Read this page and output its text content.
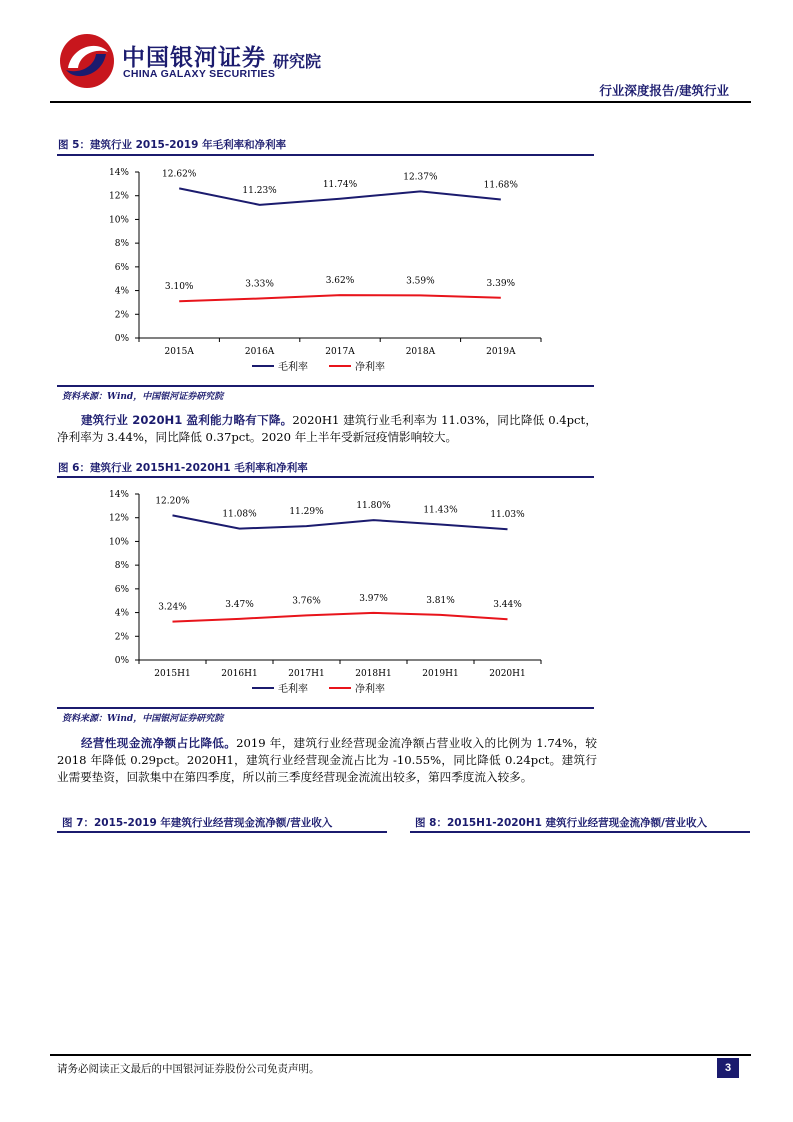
中国银河证券
CHINA GALAXY SECURITIES
研究院
行业深度报告/建筑行业
图 5：建筑行业 2015-2019 年毛利率和净利率
0%
2%
4%
6%
8%
10%
12%
14%
2015A	2016A	2017A	2018A	2019A
12.62%
11.23%
11.74%
12.37%
11.68%
3.10%	3.33%	3.62%	3.59%	3.39%
毛利率	净利率
资料来源：Wind，中国银河证券研究院
建筑行业 2020H1 盈利能力略有下降。2020H1 建筑行业毛利率为 11.03%，同比降低 0.4pct，净利率为 3.44%，同比降低 0.37pct。2020 年上半年受新冠疫情影响较大。
图 6：建筑行业 2015H1-2020H1 毛利率和净利率
0%
2%
4%
6%
8%
10%
12%
14%
2015H1	2016H1	2017H1	2018H1	2019H1	2020H1
12.20%
11.08%	11.29%
11.80%	11.43%	11.03%
3.24%	3.47%	3.76%	3.97%	3.81%	3.44%
毛利率	净利率
资料来源：Wind，中国银河证券研究院
经营性现金流净额占比降低。2019 年，建筑行业经营现金流净额占营业收入的比例为 1.74%，较 2018 年降低 0.29pct。2020H1，建筑行业经营现金流占比为 -10.55%，同比降低 0.24pct。建筑行业需要垫资，回款集中在第四季度，所以前三季度经营现金流流出较多，第四季度流入较多。
图 7：2015-2019 年建筑行业经营现金流净额/营业收入	图 8：2015H1-2020H1 建筑行业经营现金流净额/营业收入
请务必阅读正文最后的中国银河证券股份公司免责声明。	3
